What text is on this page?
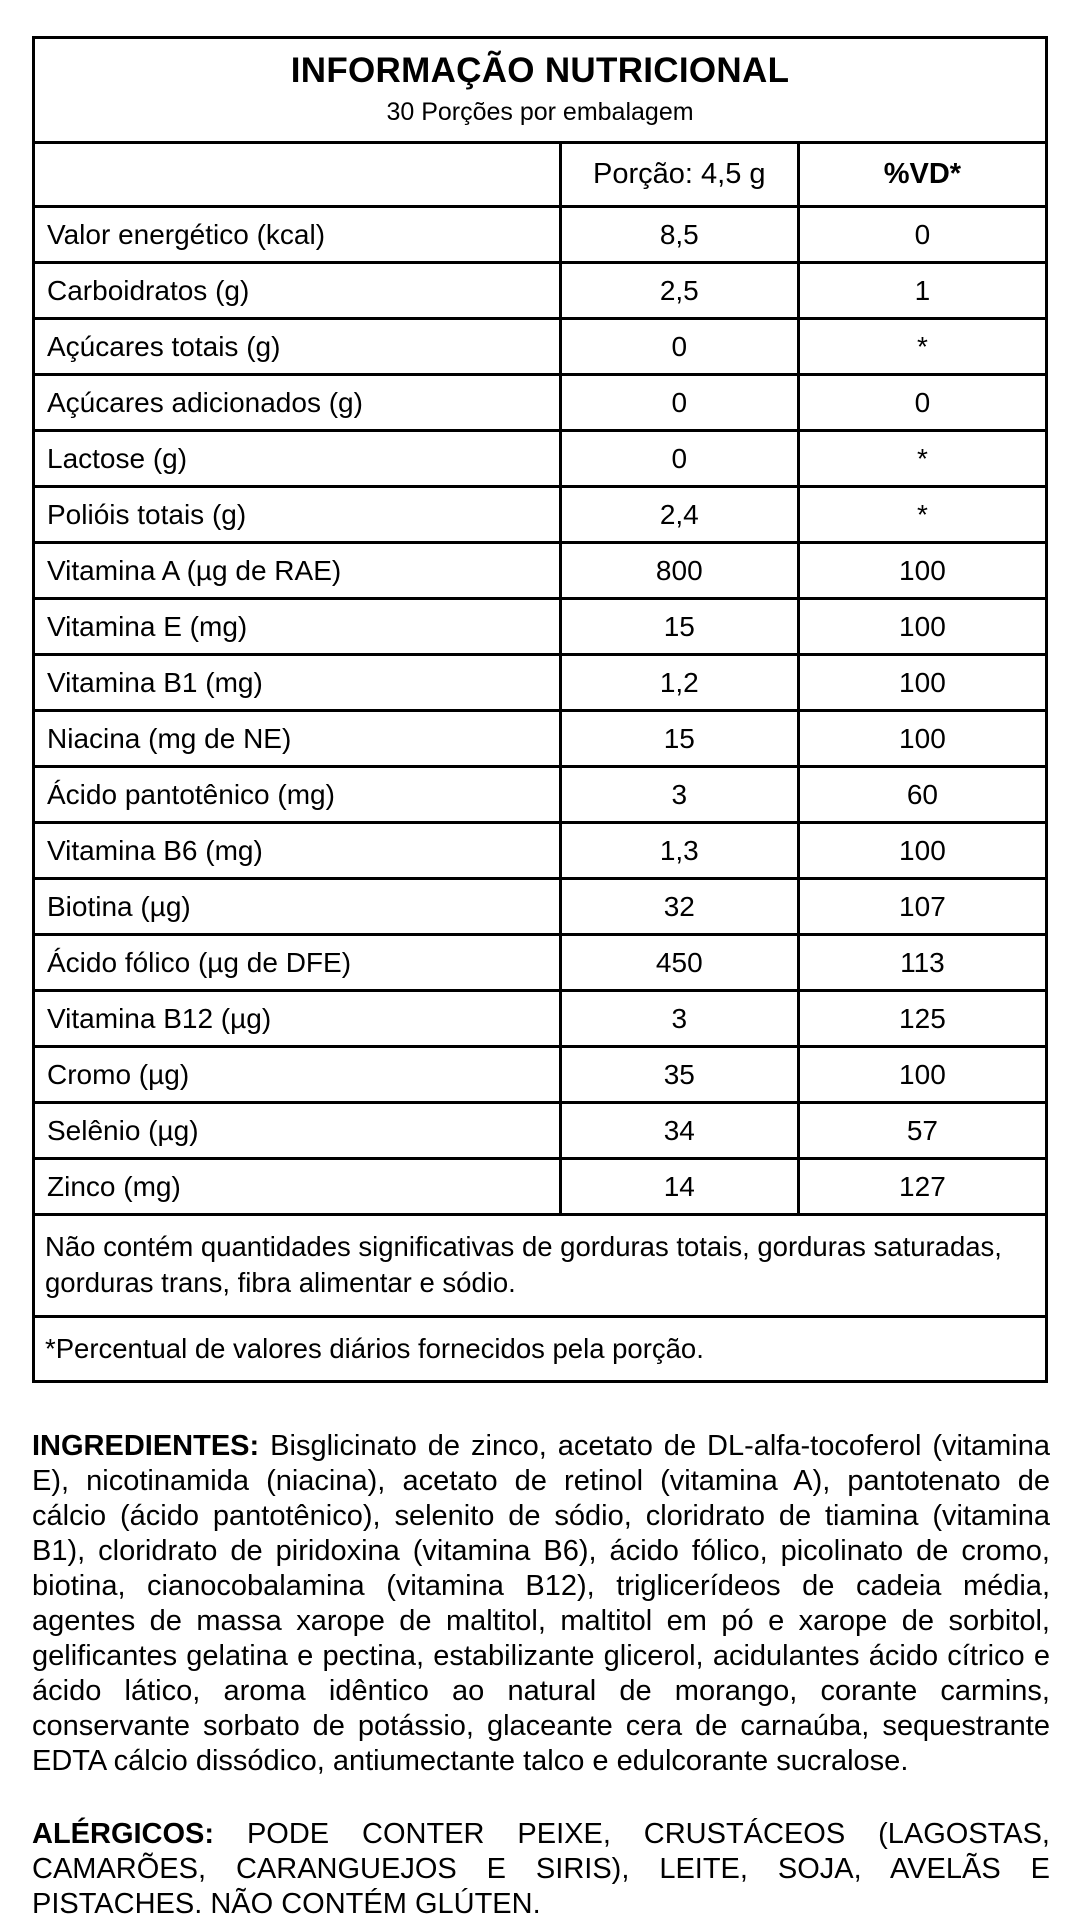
INFORMAÇÃO NUTRICIONAL
30 Porções por embalagem		

	Porção: 4,5 g	%VD*
Valor energético (kcal)	8,5	0
Carboidratos (g)	2,5	1
Açúcares totais (g)	0	*
Açúcares adicionados (g)	0	0
Lactose (g)	0	*
Polióis totais (g)	2,4	*
Vitamina A (µg de RAE)	800	100
Vitamina E (mg)	15	100
Vitamina B1 (mg)	1,2	100
Niacina (mg de NE)	15	100
Ácido pantotênico (mg)	3	60
Vitamina B6 (mg)	1,3	100
Biotina (µg)	32	107
Ácido fólico (µg de DFE)	450	113
Vitamina B12 (µg)	3	125
Cromo (µg)	35	100
Selênio (µg)	34	57
Zinco (mg)	14	127
Não contém quantidades significativas de gorduras totais, gorduras saturadas, gorduras trans, fibra alimentar e sódio.		
*Percentual de valores diários fornecidos pela porção.		

INGREDIENTES: Bisglicinato de zinco, acetato de DL-alfa-tocoferol (vitamina E), nicotinamida (niacina), acetato de retinol (vitamina A), pantotenato de cálcio (ácido pantotênico), selenito de sódio, cloridrato de tiamina (vitamina B1), cloridrato de piridoxina (vitamina B6), ácido fólico, picolinato de cromo, biotina, cianocobalamina (vitamina B12), triglicerídeos de cadeia média, agentes de massa xarope de maltitol, maltitol em pó e xarope de sorbitol, gelificantes gelatina e pectina, estabilizante glicerol, acidulantes ácido cítrico e ácido lático, aroma idêntico ao natural de morango, corante carmins, conservante sorbato de potássio, glaceante cera de carnaúba, sequestrante EDTA cálcio dissódico, antiumectante talco e edulcorante sucralose.

ALÉRGICOS: PODE CONTER PEIXE, CRUSTÁCEOS (LAGOSTAS, CAMARÕES, CARANGUEJOS E SIRIS), LEITE, SOJA, AVELÃS E PISTACHES. NÃO CONTÉM GLÚTEN.
